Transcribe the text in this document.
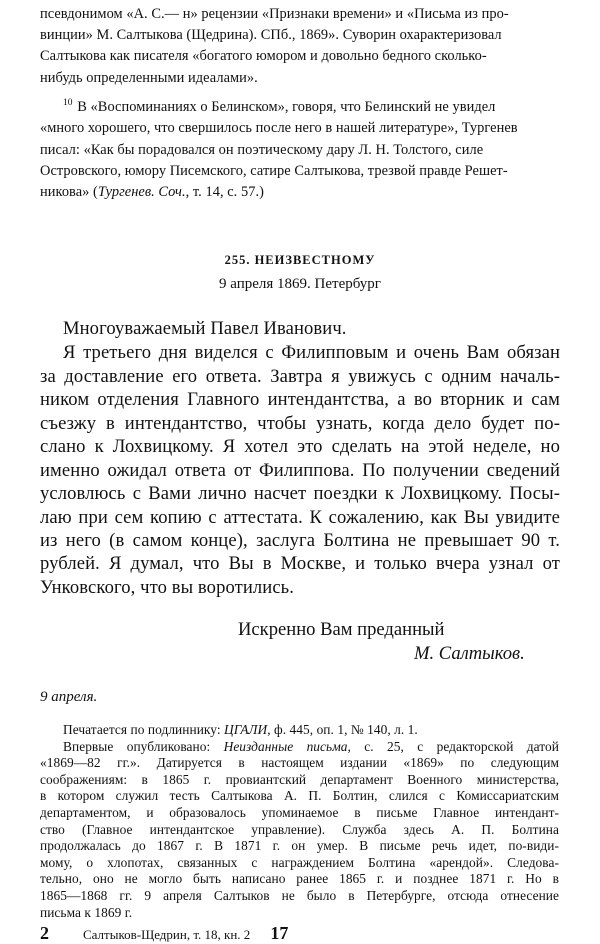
псевдонимом «А. С.— н» рецензии «Признаки времени» и «Письма из про-
винции» М. Салтыкова (Щедрина). СПб., 1869». Суворин охарактеризовал
Салтыкова как писателя «богатого юмором и довольно бедного сколько-
нибудь определенными идеалами».
$^{10}$ В «Воспоминаниях о Белинском», говоря, что Белинский не увидел
«много хорошего, что свершилось после него в нашей литературе», Тургенев
писал: «Как бы порадовался он поэтическому дару Л. Н. Толстого, силе
Островского, юмору Писемского, сатире Салтыкова, трезвой правде Решет-
никова» (Тургенев. Соч., т. 14, с. 57.)
255. НЕИЗВЕСТНОМУ
9 апреля 1869. Петербург
Многоуважаемый Павел Иванович.
Я третьего дня виделся с Филипповым и очень Вам обязан
за доставление его ответа. Завтра я увижусь с одним началь-
ником отделения Главного интендантства, а во вторник и сам
съезжу в интендантство, чтобы узнать, когда дело будет по-
слано к Лохвицкому. Я хотел это сделать на этой неделе, но
именно ожидал ответа от Филиппова. По получении сведений
условлюсь с Вами лично насчет поездки к Лохвицкому. Посы-
лаю при сем копию с аттестата. К сожалению, как Вы увидите
из него (в самом конце), заслуга Болтина не превышает 90 т.
рублей. Я думал, что Вы в Москве, и только вчера узнал от
Унковского, что вы воротились.
Искренно Вам преданный
М. Салтыков.
9 апреля.
Печатается по подлиннику: ЦГАЛИ, ф. 445, оп. 1, № 140, л. 1.
Впервые опубликовано: Неизданные письма, с. 25, с редакторской датой
«1869—82 гг.». Датируется в настоящем издании «1869» по следующим
соображениям: в 1865 г. провиантский департамент Военного министерства,
в котором служил тесть Салтыкова А. П. Болтин, слился с Комиссариатским
департаментом, и образовалось упоминаемое в письме Главное интендант-
ство (Главное интендантское управление). Служба здесь А. П. Болтина
продолжалась до 1867 г. В 1871 г. он умер. В письме речь идет, по-види-
мому, о хлопотах, связанных с награждением Болтина «арендой». Следова-
тельно, оно не могло быть написано ранее 1865 г. и позднее 1871 г. Но в
1865—1868 гг. 9 апреля Салтыков не было в Петербурге, отсюда отнесение
письма к 1869 г.
2	Салтыков-Щедрин, т. 18, кн. 2 17
